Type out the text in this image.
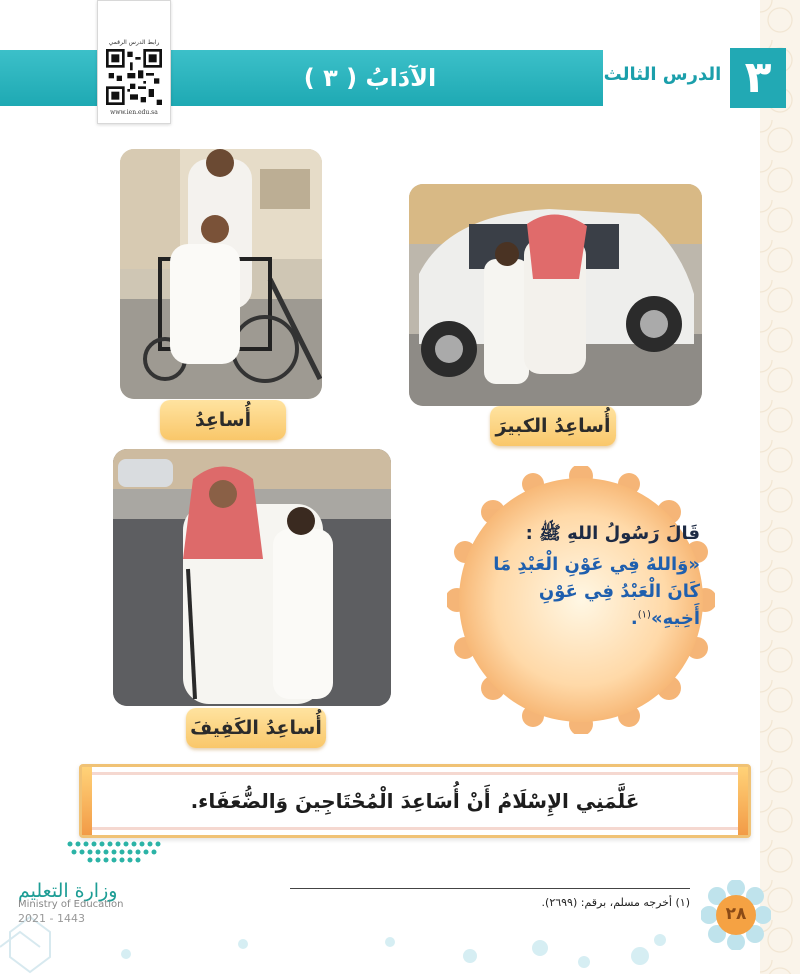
رابط الدرس الرقمي
www.ien.edu.sa
الآدَابُ ( ٣ )	الدرس الثالث ٣
أُساعِدُ	أُساعِدُ الكبيرَ
أُساعِدُ الكَفِيفَ
قَالَ رَسُولُ اللهِ ﷺ :
«وَاللهُ فِي عَوْنِ الْعَبْدِ مَا كَانَ الْعَبْدُ فِي عَوْنِ أَخِيهِ»$^{(١)}$.
عَلَّمَنِي الإِسْلَامُ أَنْ أُسَاعِدَ الْمُحْتَاجِينَ وَالضُّعَفَاء.
وزارة التعليم
Ministry of Education
2021 - 1443
(١) أخرجه مسلم، برقم: (٢٦٩٩).
٢٨
